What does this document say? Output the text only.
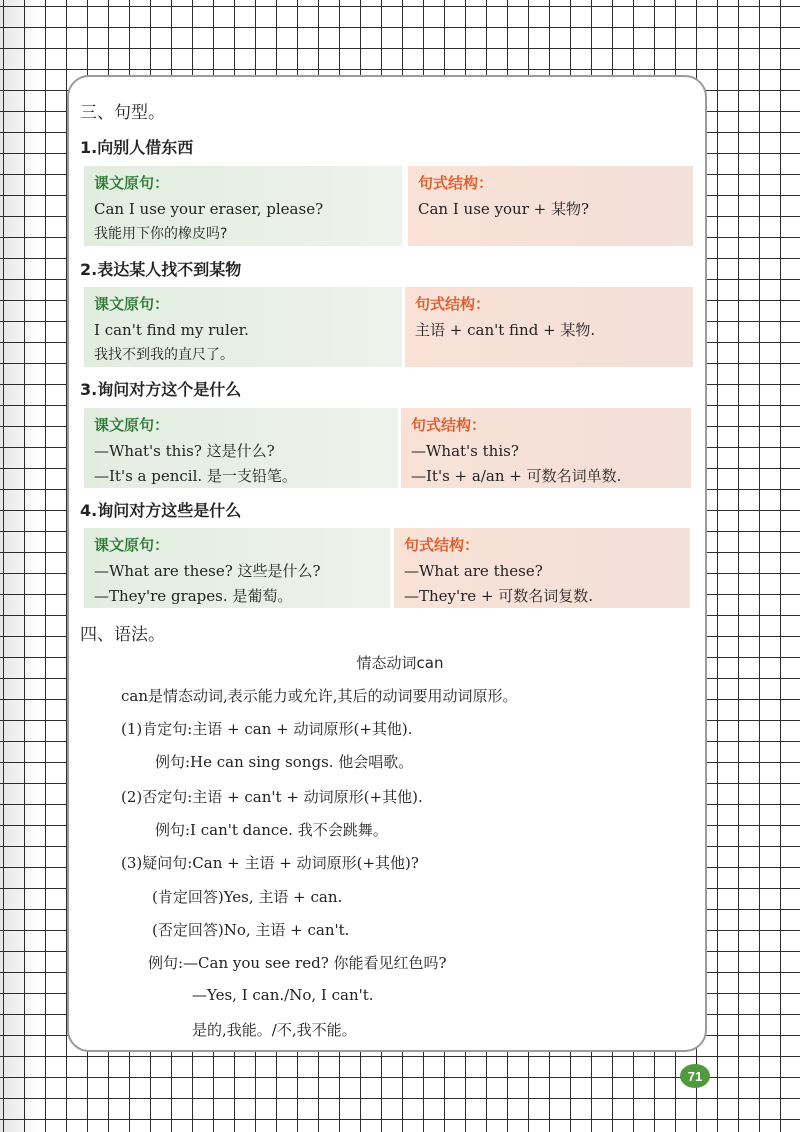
三、句型。
1.向别人借东西
课文原句：
Can I use your eraser, please?
我能用下你的橡皮吗?
句式结构：
Can I use your + 某物?
2.表达某人找不到某物
课文原句：
I can't find my ruler.
我找不到我的直尺了。
句式结构：
主语 + can't find + 某物.
3.询问对方这个是什么
课文原句：
—What's this? 这是什么?
—It's a pencil. 是一支铅笔。
句式结构：
—What's this?
—It's + a/an + 可数名词单数.
4.询问对方这些是什么
课文原句：
—What are these? 这些是什么?
—They're grapes. 是葡萄。
句式结构：
—What are these?
—They're + 可数名词复数.
四、语法。
情态动词can
can是情态动词,表示能力或允许,其后的动词要用动词原形。
(1)肯定句:主语 + can + 动词原形(+其他).
例句:He can sing songs. 他会唱歌。
(2)否定句:主语 + can't + 动词原形(+其他).
例句:I can't dance. 我不会跳舞。
(3)疑问句:Can + 主语 + 动词原形(+其他)?
(肯定回答)Yes, 主语 + can.
(否定回答)No, 主语 + can't.
例句:—Can you see red? 你能看见红色吗?
—Yes, I can./No, I can't.
是的,我能。/不,我不能。
71
